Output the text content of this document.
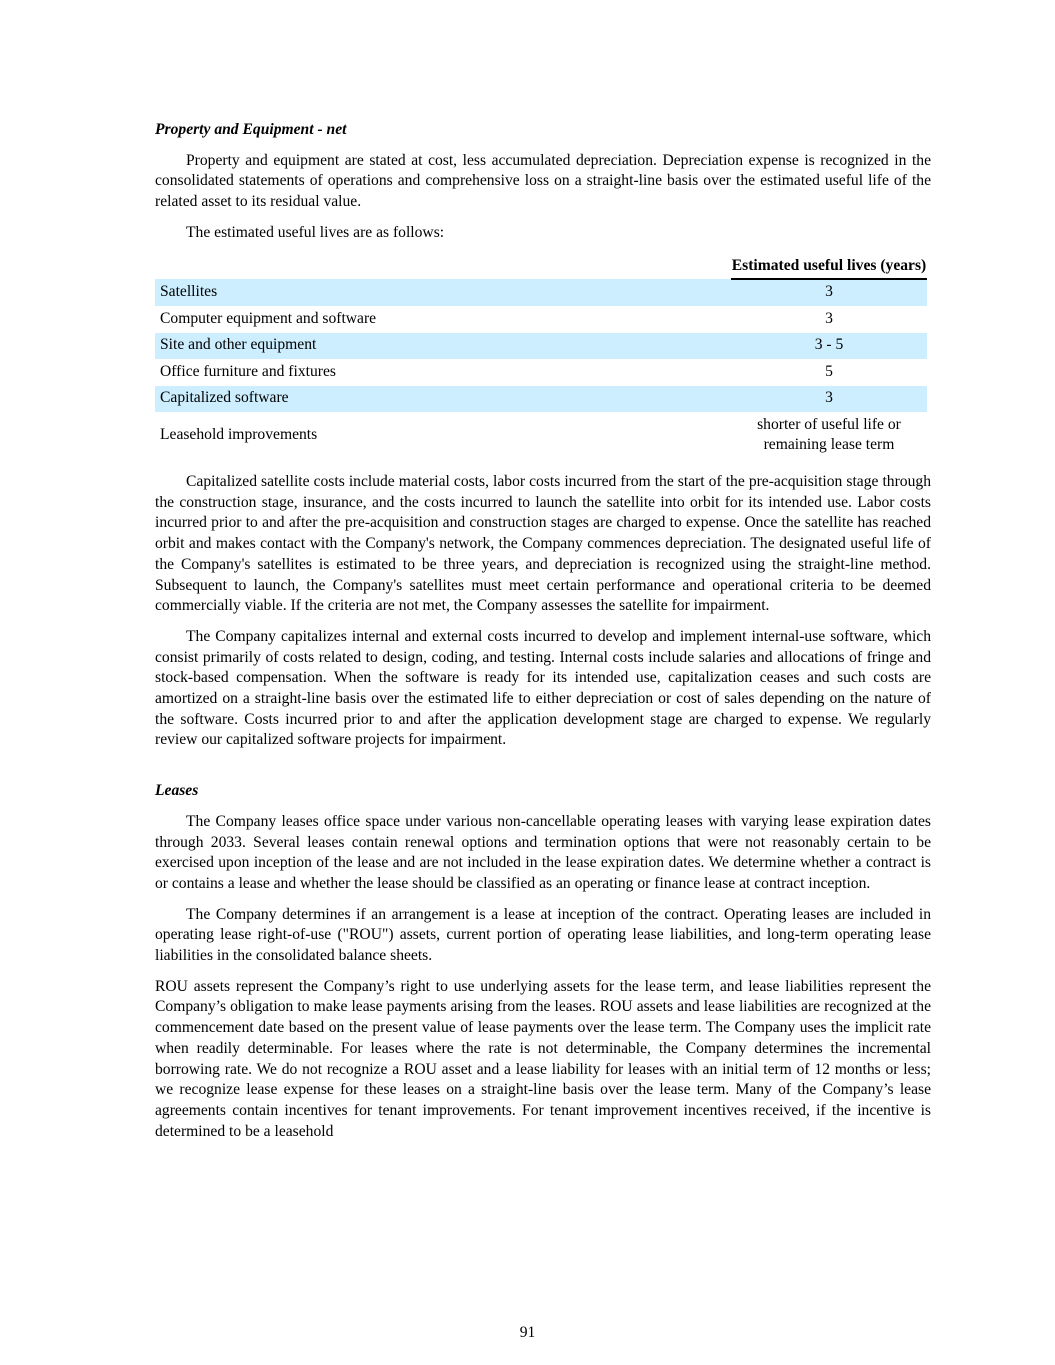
Property and Equipment - net

Property and equipment are stated at cost, less accumulated depreciation. Depreciation expense is recognized in the consolidated statements of operations and comprehensive loss on a straight-line basis over the estimated useful life of the related asset to its residual value.

The estimated useful lives are as follows:

	Estimated useful lives (years)
Satellites	3
Computer equipment and software	3
Site and other equipment	3 - 5
Office furniture and fixtures	5
Capitalized software	3
Leasehold improvements	shorter of useful life or remaining lease term

Capitalized satellite costs include material costs, labor costs incurred from the start of the pre-acquisition stage through the construction stage, insurance, and the costs incurred to launch the satellite into orbit for its intended use. Labor costs incurred prior to and after the pre-acquisition and construction stages are charged to expense. Once the satellite has reached orbit and makes contact with the Company's network, the Company commences depreciation. The designated useful life of the Company's satellites is estimated to be three years, and depreciation is recognized using the straight-line method. Subsequent to launch, the Company's satellites must meet certain performance and operational criteria to be deemed commercially viable. If the criteria are not met, the Company assesses the satellite for impairment.

The Company capitalizes internal and external costs incurred to develop and implement internal-use software, which consist primarily of costs related to design, coding, and testing. Internal costs include salaries and allocations of fringe and stock-based compensation. When the software is ready for its intended use, capitalization ceases and such costs are amortized on a straight-line basis over the estimated life to either depreciation or cost of sales depending on the nature of the software. Costs incurred prior to and after the application development stage are charged to expense. We regularly review our capitalized software projects for impairment.

Leases

The Company leases office space under various non-cancellable operating leases with varying lease expiration dates through 2033. Several leases contain renewal options and termination options that were not reasonably certain to be exercised upon inception of the lease and are not included in the lease expiration dates. We determine whether a contract is or contains a lease and whether the lease should be classified as an operating or finance lease at contract inception.

The Company determines if an arrangement is a lease at inception of the contract. Operating leases are included in operating lease right-of-use ("ROU") assets, current portion of operating lease liabilities, and long-term operating lease liabilities in the consolidated balance sheets.

ROU assets represent the Company’s right to use underlying assets for the lease term, and lease liabilities represent the Company’s obligation to make lease payments arising from the leases. ROU assets and lease liabilities are recognized at the commencement date based on the present value of lease payments over the lease term. The Company uses the implicit rate when readily determinable. For leases where the rate is not determinable, the Company determines the incremental borrowing rate. We do not recognize a ROU asset and a lease liability for leases with an initial term of 12 months or less; we recognize lease expense for these leases on a straight-line basis over the lease term. Many of the Company’s lease agreements contain incentives for tenant improvements. For tenant improvement incentives received, if the incentive is determined to be a leasehold

91
